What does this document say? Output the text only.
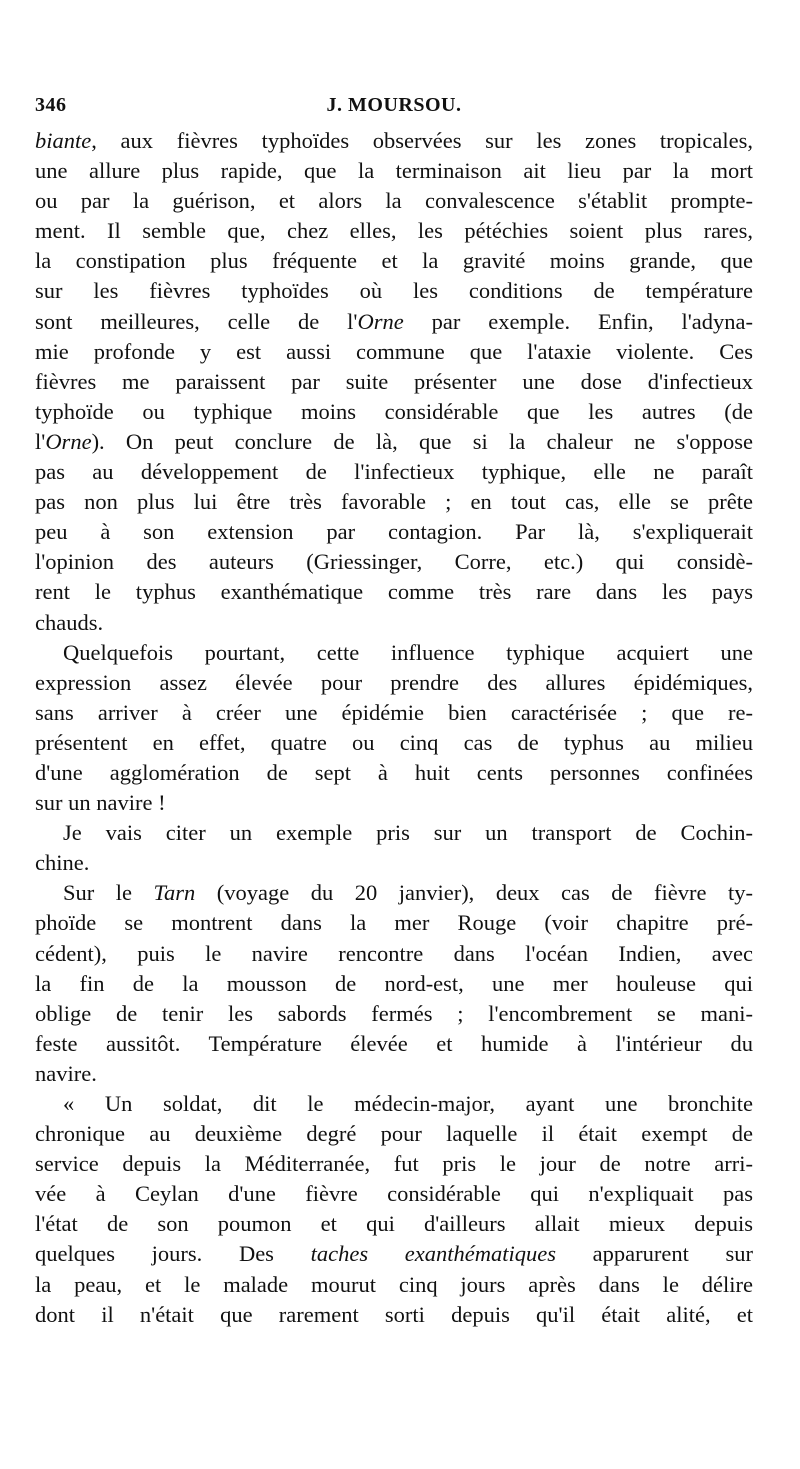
346	J. MOURSOU.
biante, aux fièvres typhoïdes observées sur les zones tropicales,
une allure plus rapide, que la terminaison ait lieu par la mort
ou par la guérison, et alors la convalescence s'établit prompte-
ment. Il semble que, chez elles, les pétéchies soient plus rares,
la constipation plus fréquente et la gravité moins grande, que
sur les fièvres typhoïdes où les conditions de température
sont meilleures, celle de l'Orne par exemple. Enfin, l'adyna-
mie profonde y est aussi commune que l'ataxie violente. Ces
fièvres me paraissent par suite présenter une dose d'infectieux
typhoïde ou typhique moins considérable que les autres (de
l'Orne). On peut conclure de là, que si la chaleur ne s'oppose
pas au développement de l'infectieux typhique, elle ne paraît
pas non plus lui être très favorable ; en tout cas, elle se prête
peu à son extension par contagion. Par là, s'expliquerait
l'opinion des auteurs (Griessinger, Corre, etc.) qui considè-
rent le typhus exanthématique comme très rare dans les pays
chauds.
Quelquefois pourtant, cette influence typhique acquiert une
expression assez élevée pour prendre des allures épidémiques,
sans arriver à créer une épidémie bien caractérisée ; que re-
présentent en effet, quatre ou cinq cas de typhus au milieu
d'une agglomération de sept à huit cents personnes confinées
sur un navire !
Je vais citer un exemple pris sur un transport de Cochin-
chine.
Sur le Tarn (voyage du 20 janvier), deux cas de fièvre ty-
phoïde se montrent dans la mer Rouge (voir chapitre pré-
cédent), puis le navire rencontre dans l'océan Indien, avec
la fin de la mousson de nord-est, une mer houleuse qui
oblige de tenir les sabords fermés ; l'encombrement se mani-
feste aussitôt. Température élevée et humide à l'intérieur du
navire.
« Un soldat, dit le médecin-major, ayant une bronchite
chronique au deuxième degré pour laquelle il était exempt de
service depuis la Méditerranée, fut pris le jour de notre arri-
vée à Ceylan d'une fièvre considérable qui n'expliquait pas
l'état de son poumon et qui d'ailleurs allait mieux depuis
quelques jours. Des taches exanthématiques apparurent sur
la peau, et le malade mourut cinq jours après dans le délire
dont il n'était que rarement sorti depuis qu'il était alité, et
